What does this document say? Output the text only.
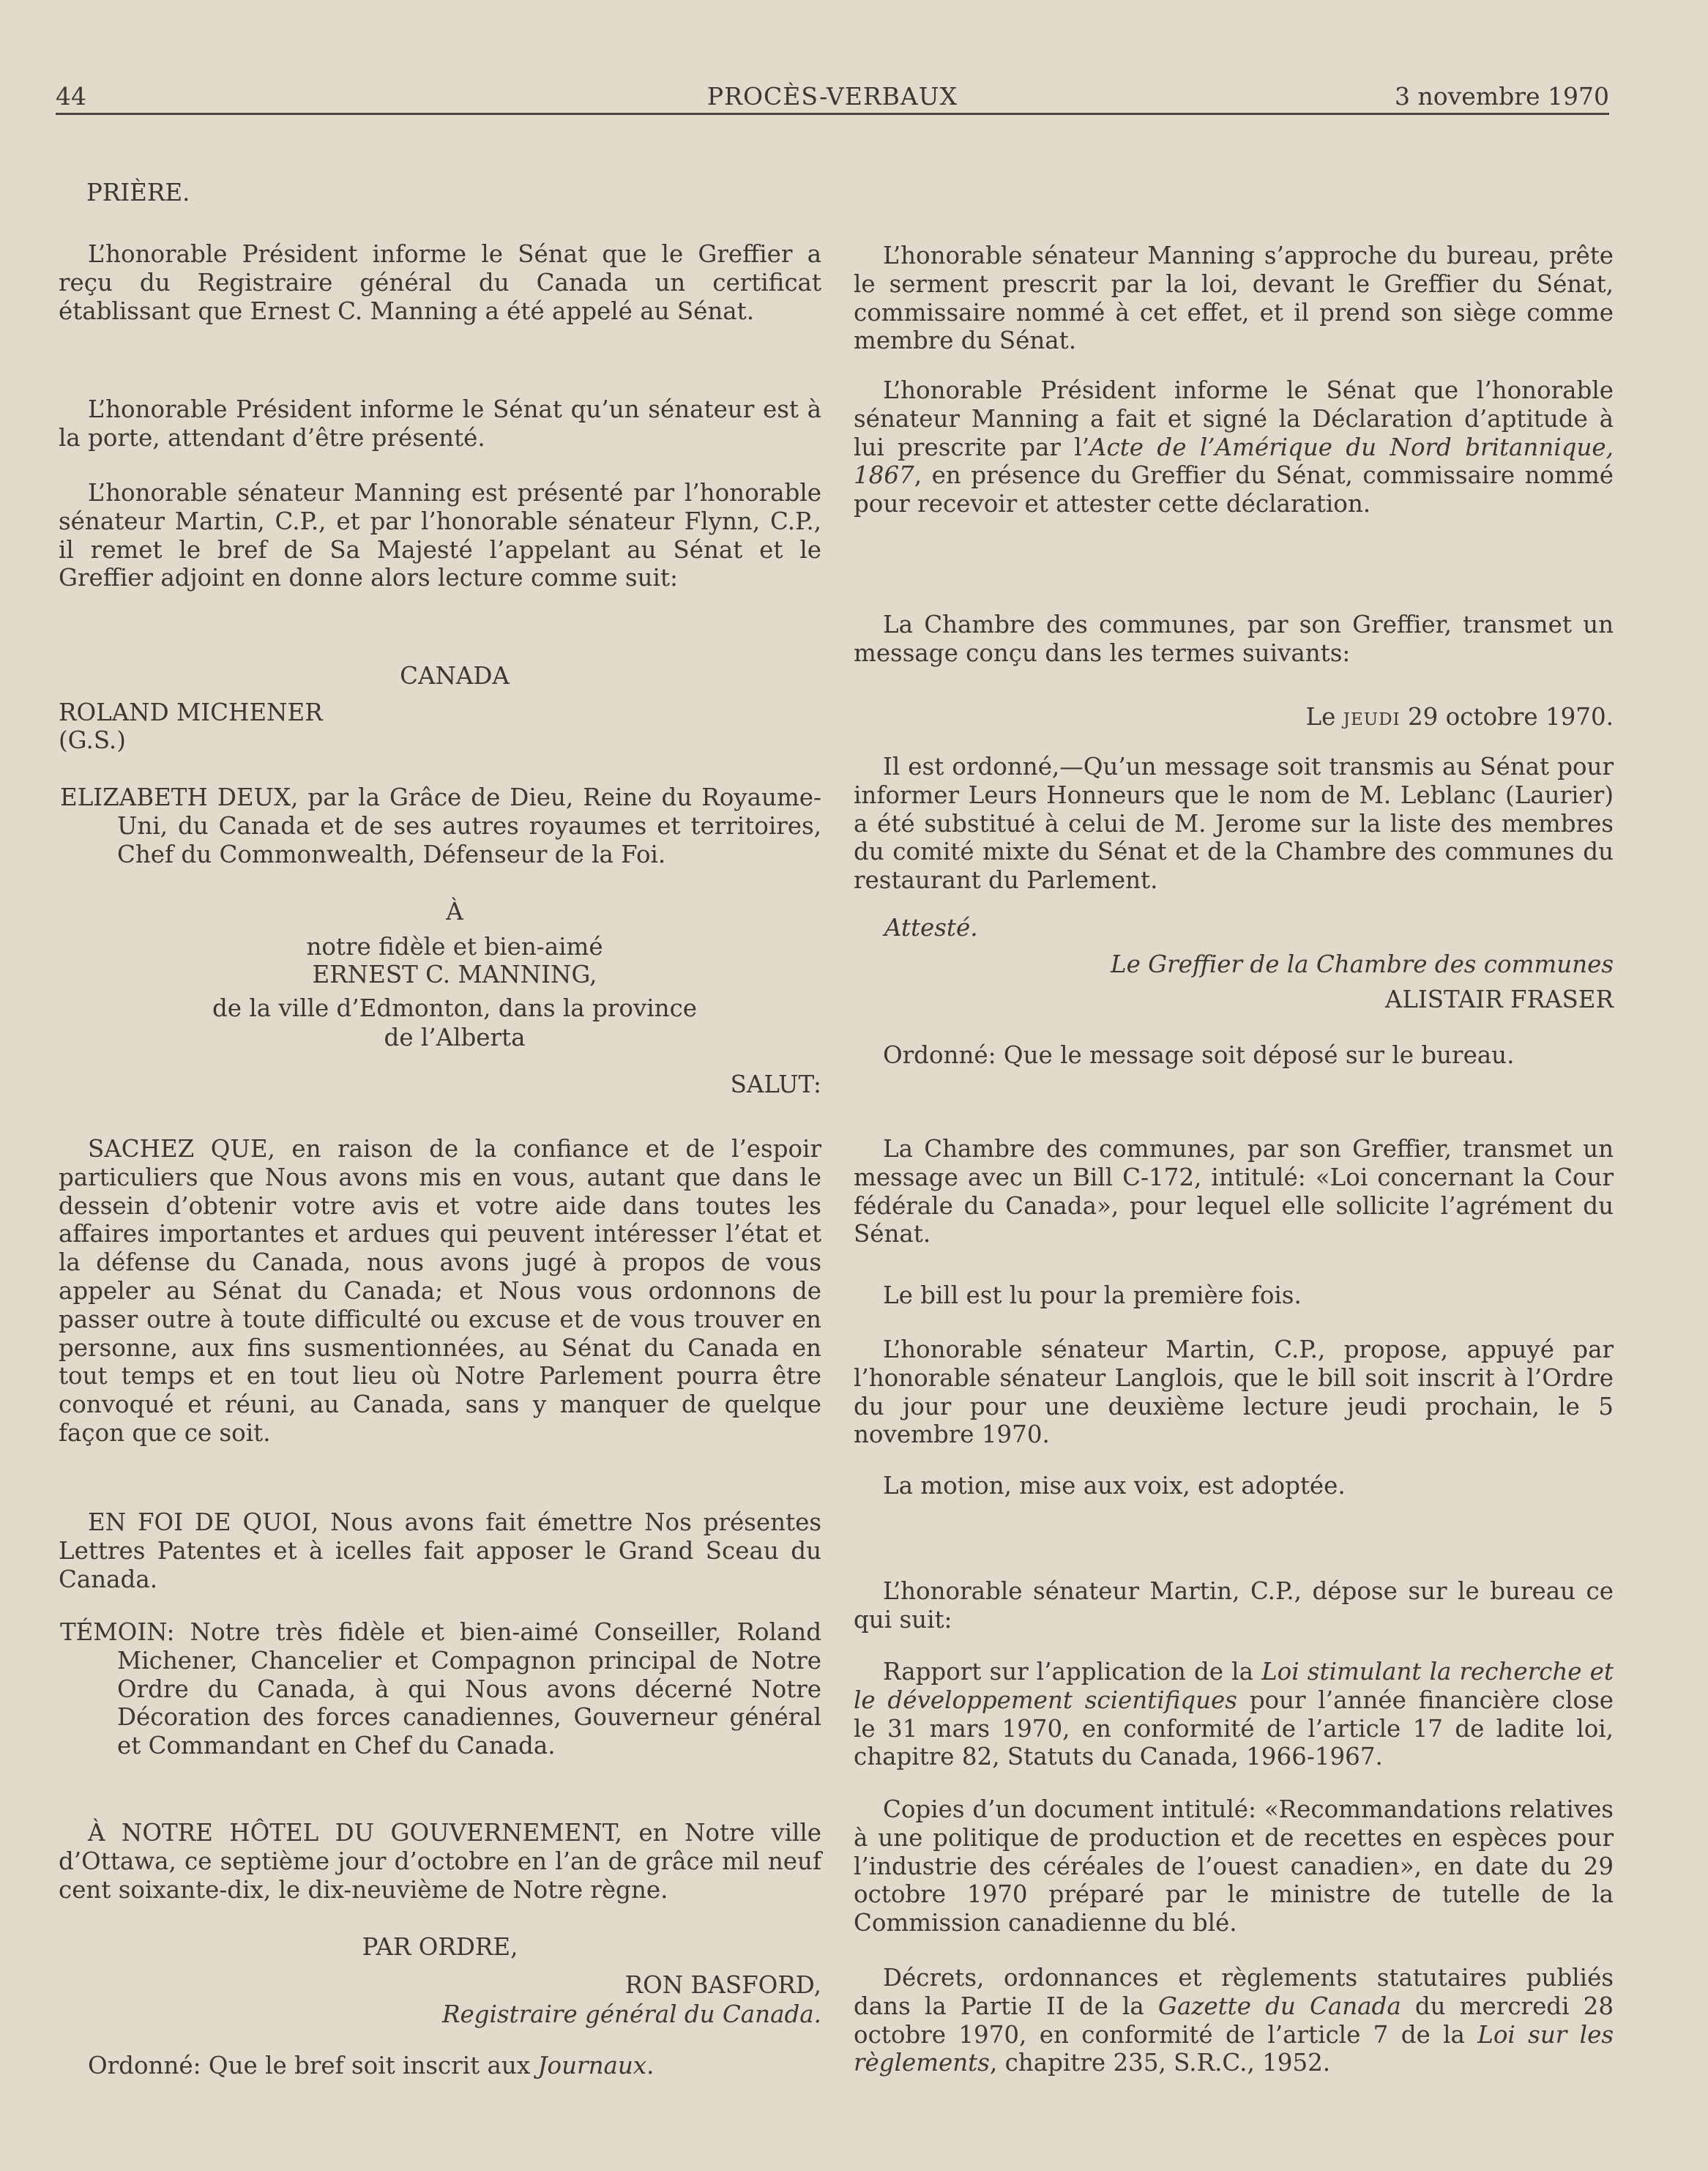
44	PROCÈS-VERBAUX	3 novembre 1970

PRIÈRE.

L’honorable Président informe le Sénat que le Greffier a reçu du Registraire général du Canada un certificat établissant que Ernest C. Manning a été appelé au Sénat.

L’honorable Président informe le Sénat qu’un sénateur est à la porte, attendant d’être présenté.

L’honorable sénateur Manning est présenté par l’honorable sénateur Martin, C.P., et par l’honorable sénateur Flynn, C.P., il remet le bref de Sa Majesté l’appelant au Sénat et le Greffier adjoint en donne alors lecture comme suit:

CANADA

ROLAND MICHENER

(G.S.)

ELIZABETH DEUX, par la Grâce de Dieu, Reine du Royaume-Uni, du Canada et de ses autres royaumes et territoires, Chef du Commonwealth, Défenseur de la Foi.

À

notre fidèle et bien-aimé

ERNEST C. MANNING,

de la ville d’Edmonton, dans la province

de l’Alberta

SALUT:

SACHEZ QUE, en raison de la confiance et de l’espoir particuliers que Nous avons mis en vous, autant que dans le dessein d’obtenir votre avis et votre aide dans toutes les affaires importantes et ardues qui peuvent intéresser l’état et la défense du Canada, nous avons jugé à propos de vous appeler au Sénat du Canada; et Nous vous ordonnons de passer outre à toute difficulté ou excuse et de vous trouver en personne, aux fins susmentionnées, au Sénat du Canada en tout temps et en tout lieu où Notre Parlement pourra être convoqué et réuni, au Canada, sans y manquer de quelque façon que ce soit.

EN FOI DE QUOI, Nous avons fait émettre Nos présentes Lettres Patentes et à icelles fait apposer le Grand Sceau du Canada.

TÉMOIN: Notre très fidèle et bien-aimé Conseiller, Roland Michener, Chancelier et Compagnon principal de Notre Ordre du Canada, à qui Nous avons décerné Notre Décoration des forces canadiennes, Gouverneur général et Commandant en Chef du Canada.

À NOTRE HÔTEL DU GOUVERNEMENT, en Notre ville d’Ottawa, ce septième jour d’octobre en l’an de grâce mil neuf cent soixante-dix, le dix-neuvième de Notre règne.

PAR ORDRE,

RON BASFORD,

Registraire général du Canada.

Ordonné: Que le bref soit inscrit aux Journaux.

L’honorable sénateur Manning s’approche du bureau, prête le serment prescrit par la loi, devant le Greffier du Sénat, commissaire nommé à cet effet, et il prend son siège comme membre du Sénat.

L’honorable Président informe le Sénat que l’honorable sénateur Manning a fait et signé la Déclaration d’aptitude à lui prescrite par l’Acte de l’Amérique du Nord britannique, 1867, en présence du Greffier du Sénat, commissaire nommé pour recevoir et attester cette déclaration.

La Chambre des communes, par son Greffier, transmet un message conçu dans les termes suivants:

Le jeudi 29 octobre 1970.

Il est ordonné,—Qu’un message soit transmis au Sénat pour informer Leurs Honneurs que le nom de M. Leblanc (Laurier) a été substitué à celui de M. Jerome sur la liste des membres du comité mixte du Sénat et de la Chambre des communes du restaurant du Parlement.

Attesté.

Le Greffier de la Chambre des communes

ALISTAIR FRASER

Ordonné: Que le message soit déposé sur le bureau.

La Chambre des communes, par son Greffier, transmet un message avec un Bill C-172, intitulé: «Loi concernant la Cour fédérale du Canada», pour lequel elle sollicite l’agrément du Sénat.

Le bill est lu pour la première fois.

L’honorable sénateur Martin, C.P., propose, appuyé par l’honorable sénateur Langlois, que le bill soit inscrit à l’Ordre du jour pour une deuxième lecture jeudi prochain, le 5 novembre 1970.

La motion, mise aux voix, est adoptée.

L’honorable sénateur Martin, C.P., dépose sur le bureau ce qui suit:

Rapport sur l’application de la Loi stimulant la recherche et le développement scientifiques pour l’année financière close le 31 mars 1970, en conformité de l’article 17 de ladite loi, chapitre 82, Statuts du Canada, 1966-1967.

Copies d’un document intitulé: «Recommandations relatives à une politique de production et de recettes en espèces pour l’industrie des céréales de l’ouest canadien», en date du 29 octobre 1970 préparé par le ministre de tutelle de la Commission canadienne du blé.

Décrets, ordonnances et règlements statutaires publiés dans la Partie II de la Gazette du Canada du mercredi 28 octobre 1970, en conformité de l’article 7 de la Loi sur les règlements, chapitre 235, S.R.C., 1952.
